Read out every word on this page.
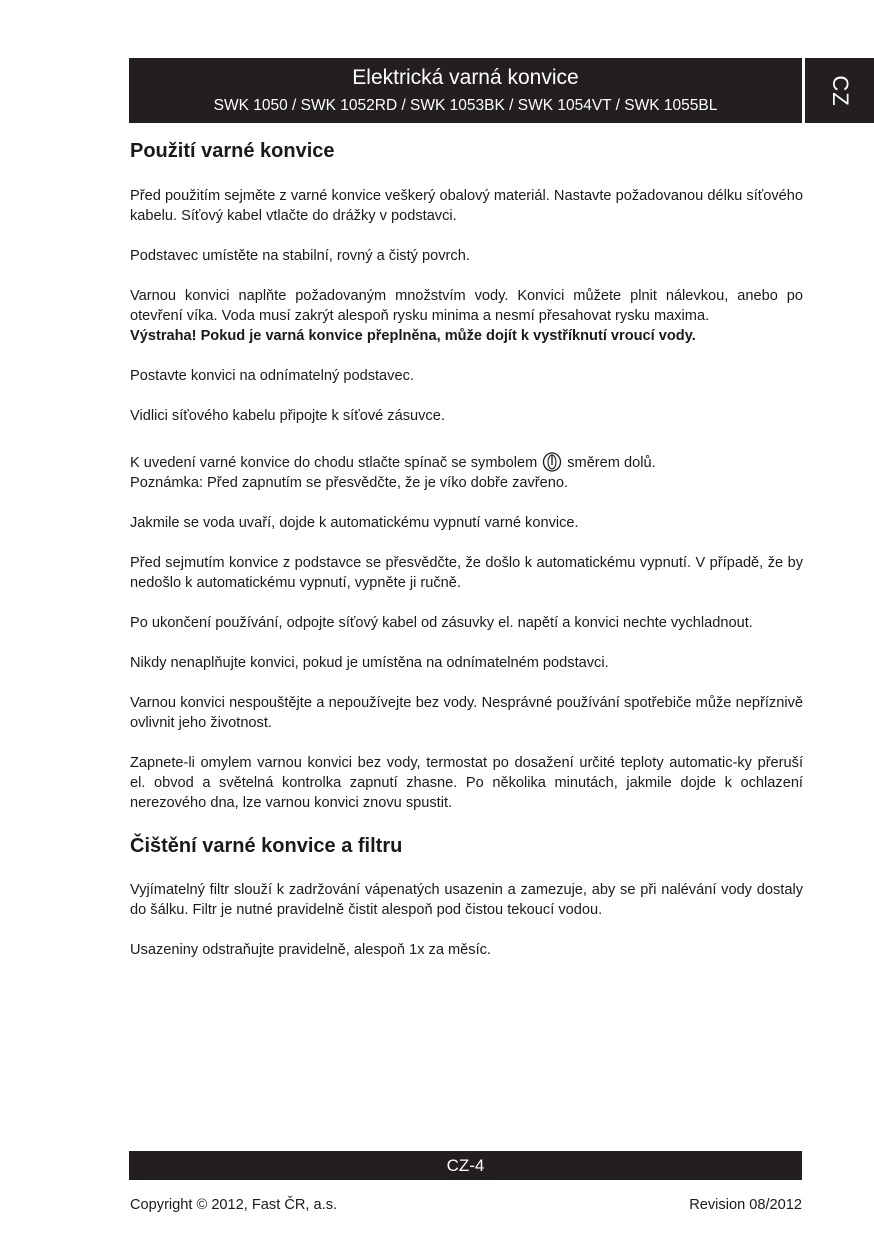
Elektrická varná konvice
SWK 1050 / SWK 1052RD / SWK 1053BK / SWK 1054VT / SWK 1055BL	CZ
Použití varné konvice

Před použitím sejměte z varné konvice veškerý obalový materiál. Nastavte požadovanou délku síťového kabelu. Síťový kabel vtlačte do drážky v podstavci.

Podstavec umístěte na stabilní, rovný a čistý povrch.

Varnou konvici naplňte požadovaným množstvím vody. Konvici můžete plnit nálevkou, anebo po otevření víka. Voda musí zakrýt alespoň rysku minima a nesmí přesahovat rysku maxima.
Výstraha! Pokud je varná konvice přeplněna, může dojít k vystříknutí vroucí vody.

Postavte konvici na odnímatelný podstavec.

Vidlici síťového kabelu připojte k síťové zásuvce.

K uvedení varné konvice do chodu stlačte spínač se symbolem směrem dolů.
Poznámka: Před zapnutím se přesvědčte, že je víko dobře zavřeno.

Jakmile se voda uvaří, dojde k automatickému vypnutí varné konvice.

Před sejmutím konvice z podstavce se přesvědčte, že došlo k automatickému vypnutí. V případě, že by nedošlo k automatickému vypnutí, vypněte ji ručně.

Po ukončení používání, odpojte síťový kabel od zásuvky el. napětí a konvici nechte vychladnout.

Nikdy nenaplňujte konvici, pokud je umístěna na odnímatelném podstavci.

Varnou konvici nespouštějte a nepoužívejte bez vody. Nesprávné používání spotřebiče může nepříznivě ovlivnit jeho životnost.

Zapnete-li omylem varnou konvici bez vody, termostat po dosažení určité teploty automatic-ky přeruší el. obvod a světelná kontrolka zapnutí zhasne. Po několika minutách, jakmile dojde k ochlazení nerezového dna, lze varnou konvici znovu spustit.

Čištění varné konvice a filtru

Vyjímatelný filtr slouží k zadržování vápenatých usazenin a zamezuje, aby se při nalévání vody dostaly do šálku. Filtr je nutné pravidelně čistit alespoň pod čistou tekoucí vodou.

Usazeniny odstraňujte pravidelně, alespoň 1x za měsíc.

CZ-4
Copyright © 2012, Fast ČR, a.s.	Revision 08/2012
